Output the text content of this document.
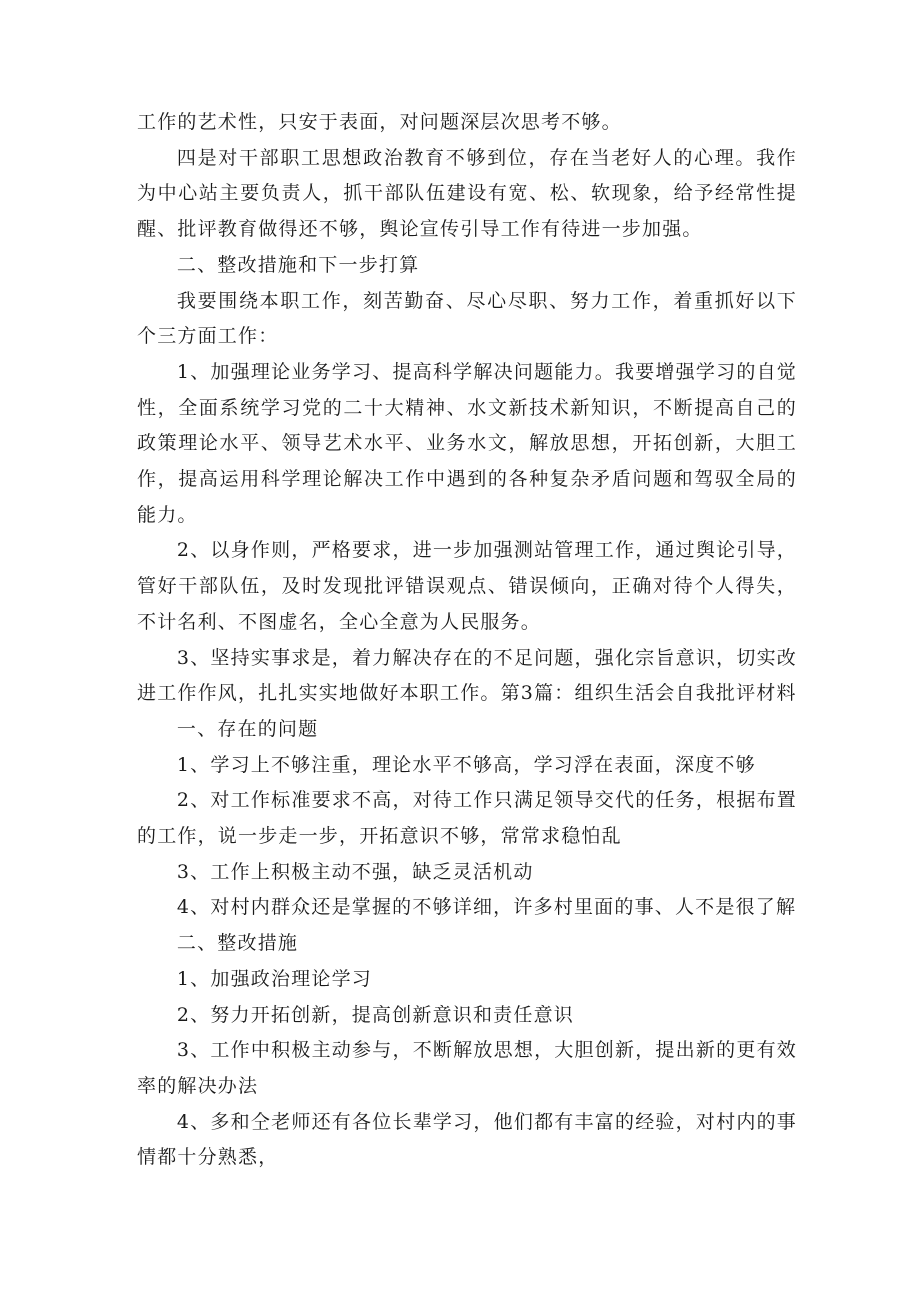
工作的艺术性，只安于表面，对问题深层次思考不够。

四是对干部职工思想政治教育不够到位，存在当老好人的心理。我作为中心站主要负责人，抓干部队伍建设有宽、松、软现象，给予经常性提醒、批评教育做得还不够，舆论宣传引导工作有待进一步加强。

二、整改措施和下一步打算

我要围绕本职工作，刻苦勤奋、尽心尽职、努力工作，着重抓好以下个三方面工作：

1、加强理论业务学习、提高科学解决问题能力。我要增强学习的自觉性，全面系统学习党的二十大精神、水文新技术新知识，不断提高自己的政策理论水平、领导艺术水平、业务水文，解放思想，开拓创新，大胆工作，提高运用科学理论解决工作中遇到的各种复杂矛盾问题和驾驭全局的能力。

2、以身作则，严格要求，进一步加强测站管理工作，通过舆论引导，管好干部队伍，及时发现批评错误观点、错误倾向，正确对待个人得失，不计名利、不图虚名，全心全意为人民服务。

3、坚持实事求是，着力解决存在的不足问题，强化宗旨意识，切实改进工作作风，扎扎实实地做好本职工作。第3篇：组织生活会自我批评材料

一、存在的问题

1、学习上不够注重，理论水平不够高，学习浮在表面，深度不够

2、对工作标准要求不高，对待工作只满足领导交代的任务，根据布置的工作，说一步走一步，开拓意识不够，常常求稳怕乱

3、工作上积极主动不强，缺乏灵活机动

4、对村内群众还是掌握的不够详细，许多村里面的事、人不是很了解

二、整改措施

1、加强政治理论学习

2、努力开拓创新，提高创新意识和责任意识

3、工作中积极主动参与，不断解放思想，大胆创新，提出新的更有效率的解决办法

4、多和仝老师还有各位长辈学习，他们都有丰富的经验，对村内的事情都十分熟悉，
